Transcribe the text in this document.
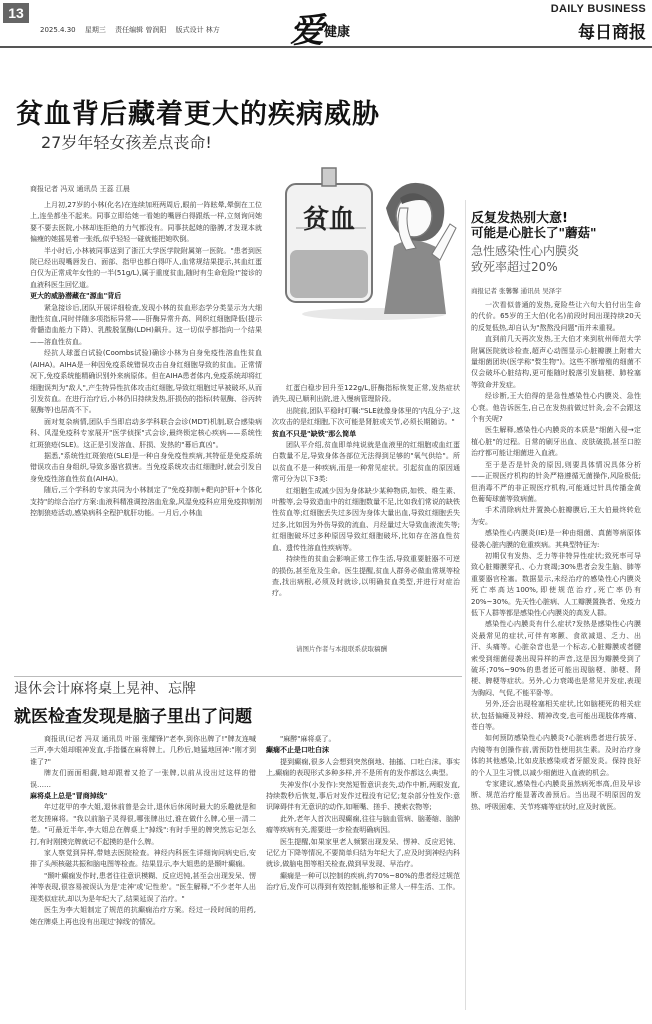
13
2025.4.30 星期三 责任编辑 曾润阳 版式设计 林方 爱 健康
DAILY BUSINESS
每日商报
贫血背后藏着更大的疾病威胁
27岁年轻女孩差点丧命!
商报记者 冯双 通讯员 王蕊 江晨

上月初,27岁的小林(化名)在连续加班两周后,眼前一阵眩晕,晕倒在工位上,连坐都坐不起来。同事立即给她一看她的嘴唇白得跟纸一样,立刻询问她要不要去医院,小林却连拒绝的力气都没有。同事扶起她的胳膊,才发现本就偏瘦的她摇晃着一张纸,似乎轻轻一碰就能把她吹倒。

半小时后,小林被同事送到了浙江大学医学院附属第一医院。"患者到医院已经出现嘴唇发白、面部、指甲也都白得吓人,血常规结果提示,其血红蛋白仅为正常成年女性的一半(51g/L),属于重度贫血,随时有生命危险!"接诊的血液科医生回忆道。

更大的威胁潜藏在"源血"背后

紧急接诊后,团队开展详细检查,发现小林的贫血形态学分类显示为大细胞性贫血,同时伴随多项指标异常——肝酶异常升高、网织红细胞降低(提示骨髓造血能力下降)、乳酸脱氢酶(LDH)飙升。这一切似乎都指向一个结果——溶血性贫血。

经抗人球蛋白试验(Coombs试验)确诊小林为自身免疫性溶血性贫血(AIHA)。AIHA是一种因免疫系统错误攻击自身红细胞导致的贫血。正常情况下,免疫系统能精确识别外来病原体。但在AIHA患者体内,免疫系统却将红细胞误判为"敌人",产生特异性抗体攻击红细胞,导致红细胞过早被破坏,从而引发贫血。在进行治疗后,小林仍旧持续发热,肝损伤的指标(转氨酶、谷丙转氨酶等)也居高不下。

面对复杂病情,团队手当即启动多学科联合会诊(MDT)机制,联合感染病科、风湿免疫科专家展开"医学侦探"式会诊,最终锁定核心疾病——系统性红斑狼疮(SLE)。这正是引发溶血、肝损、发热的"幕后真凶"。

据悉,"系统性红斑狼疮(SLE)是一种自身免疫性疾病,其特征是免疫系统错误攻击自身组织,导致多器官损害。当免疫系统攻击红细胞时,就会引发自身免疫性溶血性贫血(AIHA)。

随后,三个学科的专家共同为小林制定了"免疫抑制+靶向护肝+个体化支持"的综合治疗方案:血液科精准调控溶血危象,风湿免疫科应用免疫抑制剂控制狼疮活动,感染病科全程护航肝功能。一月后,小林血

红蛋白稳步回升至122g/L,肝酶指标恢复正常,发热症状消失,现已顺利出院,进入慢病管理阶段。

出院前,团队平稳时叮嘱:"SLE就像身体里的'内乱分子',这次攻击的是红细胞,下次可能是肾脏或关节,必须长期随访。"

贫血不只是"缺铁"那么简单

团队平介绍,贫血即单纯说就是血液里的红细胞或血红蛋白数量不足,导致身体各部位无法得到足够的"氧气供给"。所以贫血不是一种疾病,而是一种常见症状。引起贫血的原因通常可分为以下3类:

红细胞生成减少因为身体缺少某种物质,如铁、维生素、叶酸等,会导致造血中的红细胞数量不足,比如我们常说的缺铁性贫血等;红细胞丢失过多因为身体大量出血,导致红细胞丢失过多,比如因为外伤导致的流血、月经量过大导致血液流失等;红细胞破坏过多种原因导致红细胞破坏,比如存在溶血性贫血、遗传性溶血性疾病等。

持续性的贫血会影响正常工作生活,导致重要脏器不可逆的损伤,甚至危及生命。医生提醒,贫血人群务必做血常规等检查,找出病根,必须及时就诊,以明确贫血类型,并进行对症治疗。

贫血	反复发热别大意!
可能是心脏长了"蘑菇"
急性感染性心内膜炎
致死率超过20%
商报记者 张馨馨 通讯员 吴泽宇

一次看似普通的发热,竟险些让六旬大伯付出生命的代价。65岁的王大伯(化名)前段时间出现持续20天的反复低热,却自认为"熬熬没问题"而并未重视。

直到前几天再次发热,王大伯才来到杭州师范大学附属医院就诊检查,超声心动图显示心脏瓣膜上附着大量细菌团块(医学称"赘生物")。这些不断增殖的细菌不仅会破坏心脏结构,更可能随时脱落引发脑梗、肺栓塞等致命并发症。

经诊断,王大伯得的是急性感染性心内膜炎、急性心衰。他告诉医生,自己在发热前做过针灸,会不会跟这个有关呢?

医生解释,感染性心内膜炎的本质是"细菌入侵→定植心脏"的过程。日常的刷牙出血、皮肤破损,甚至口腔治疗都可能让细菌进入血液。

至于是否是针灸的原因,则要具体情况具体分析——正规医疗机构的针灸严格遵循无菌操作,风险极低;但消毒不严的非正规医疗机构,可能通过针具传播金黄色葡萄球菌等致病菌。

手术清除病灶并置换心脏瓣膜后,王大伯最终转危为安。

感染性心内膜炎(IE)是一种由细菌、真菌等病原体侵袭心脏内膜的危重疾病。其典型特征为:

初期仅有发热、乏力等非特异性症状;致死率可导致心脏瓣膜穿孔、心力衰竭;30%患者会发生脑、肺等重要器官栓塞。数据显示,未经治疗的感染性心内膜炎死亡率高达100%,即使规范治疗,死亡率仍有20%~30%。先天性心脏病、人工瓣膜置换者、免疫力低下人群等都是感染性心内膜炎的高发人群。

感染性心内膜炎有什么症状?发热是感染性心内膜炎最常见的症状,可伴有寒颤、食欲减退、乏力、出汗、头痛等。心脏杂音也是一个标志,心脏瓣膜或者腱索受到细菌侵袭出现异样的声音,这是因为瓣膜受到了破坏;70%~90%的患者还可能出现脑梗、肺梗、肾梗、脾梗等症状。另外,心力衰竭也是常见并发症,表现为胸闷、气促,不能平卧等。

另外,还会出现栓塞相关症状,比如脑梗死的相关症状,包括偏瘫及神经、精神改变,也可能出现肢体疼痛、苍白等。

如何预防感染性心内膜炎?心脏病患者进行拔牙、内镜等有创操作前,需预防性使用抗生素。及时治疗身体的其他感染,比如皮肤感染或者牙龈发炎。保持良好的个人卫生习惯,以减少细菌进入血液的机会。

专家建议,感染性心内膜炎虽然病死率高,但及早诊断、规范治疗能显著改善预后。当出现不明原因的发热、呼吸困难、关节疼痛等症状时,应及时就医。

请图片作者与本报联系获取稿酬
退休会计麻将桌上晃神、忘牌
就医检查发现是脑子里出了问题

商报讯(记者 冯双 通讯员 叶丽 张耀锋)"老李,到你出牌了!"牌友连喊三声,李大姐却眼神发直,手指僵在麻将牌上。几秒后,她猛地回神:"刚才到谁了?"

牌友们面面相觑,她却跟着又抢了一张牌,以前从没出过这样的错误……

麻将桌上总是"冒商掉线"

年过花甲的李大姐,退休前曾是会计,退休后休闲时最大的乐趣就是和老友搓麻将。"我以前脑子灵得很,哪张牌出过,谁在做什么牌,心里一清二楚。"可最近半年,李大姐总在牌桌上"掉线":有时手里的牌突然忘记怎么打,有时刚摸完牌就记不起摸的是什么牌。

家人察觉到异样,带她去医院检查。神经内科医生详细询问病史后,安排了头颅核磁共振和脑电图等检查。结果显示,李大姐患的是颞叶癫痫。

"颞叶癫痫发作时,患者往往意识模糊、反应迟钝,甚至会出现发呆、愣神等表现,很容易被误认为是'走神'或'记性差'。"医生解释,"不少老年人出现类似症状,却以为是年纪大了,结果延误了治疗。"

医生为李大姐制定了规范的抗癫痫治疗方案。经过一段时间的用药,她在牌桌上再也没有出现过'掉线'的情况。

"麻醉"麻将桌了。

癫痫不止是口吐白沫

提到癫痫,很多人会想到突然倒地、抽搐、口吐白沫。事实上,癫痫的表现形式多种多样,并不是所有的发作都这么典型。

失神发作(小发作):突然短暂意识丧失,动作中断,两眼发直,持续数秒后恢复,事后对发作过程没有记忆;复杂部分性发作:意识障碍伴有无意识的动作,如咂嘴、搓手、摸索衣物等;

此外,老年人首次出现癫痫,往往与脑血管病、脑萎缩、脑肿瘤等疾病有关,需要进一步检查明确病因。

医生提醒,如果家里老人频繁出现发呆、愣神、反应迟钝、记忆力下降等情况,不要简单归结为年纪大了,应及时到神经内科就诊,做脑电图等相关检查,做到早发现、早治疗。

癫痫是一种可以控制的疾病,约70%~80%的患者经过规范治疗后,发作可以得到有效控制,能够和正常人一样生活、工作。
